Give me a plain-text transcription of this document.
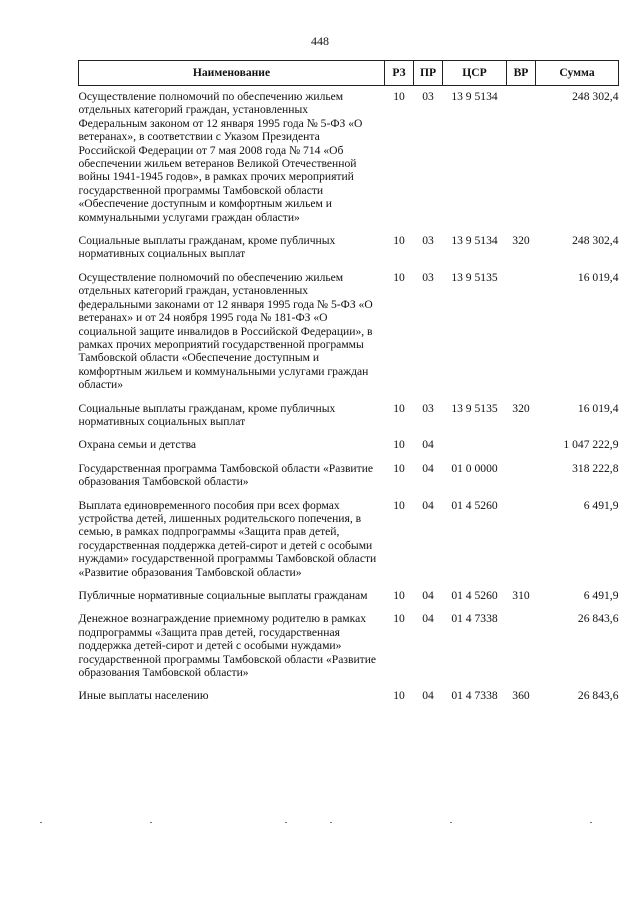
448
Наименование	РЗ	ПР	ЦСР	ВР	Сумма
Осуществление полномочий по обеспечению жильем отдельных категорий граждан, установленных Федеральным законом от 12 января 1995 года № 5-ФЗ «О ветеранах», в соответствии с Указом Президента Российской Федерации от 7 мая 2008 года № 714 «Об обеспечении жильем ветеранов Великой Отечественной войны 1941-1945 годов», в рамках прочих мероприятий государственной программы Тамбовской области «Обеспечение доступным и комфортным жильем и коммунальными услугами граждан области»	10	03	13 9 5134		248 302,4
Социальные выплаты гражданам, кроме публичных нормативных социальных выплат	10	03	13 9 5134	320	248 302,4
Осуществление полномочий по обеспечению жильем отдельных категорий граждан, установленных федеральными законами от 12 января 1995 года № 5-ФЗ «О ветеранах» и от 24 ноября 1995 года № 181-ФЗ «О социальной защите инвалидов в Российской Федерации», в рамках прочих мероприятий государственной программы Тамбовской области «Обеспечение доступным и комфортным жильем и коммунальными услугами граждан области»	10	03	13 9 5135		16 019,4
Социальные выплаты гражданам, кроме публичных нормативных социальных выплат	10	03	13 9 5135	320	16 019,4
Охрана семьи и детства	10	04			1 047 222,9
Государственная программа Тамбовской области «Развитие образования Тамбовской области»	10	04	01 0 0000		318 222,8
Выплата единовременного пособия при всех формах устройства детей, лишенных родительского попечения, в семью, в рамках подпрограммы «Защита прав детей, государственная поддержка детей-сирот и детей с особыми нуждами» государственной программы Тамбовской области «Развитие образования Тамбовской области»	10	04	01 4 5260		6 491,9
Публичные нормативные социальные выплаты гражданам	10	04	01 4 5260	310	6 491,9
Денежное вознаграждение приемному родителю в рамках подпрограммы «Защита прав детей, государственная поддержка детей-сирот и детей с особыми нуждами» государственной программы Тамбовской области «Развитие образования Тамбовской области»	10	04	01 4 7338		26 843,6
Иные выплаты населению	10	04	01 4 7338	360	26 843,6
